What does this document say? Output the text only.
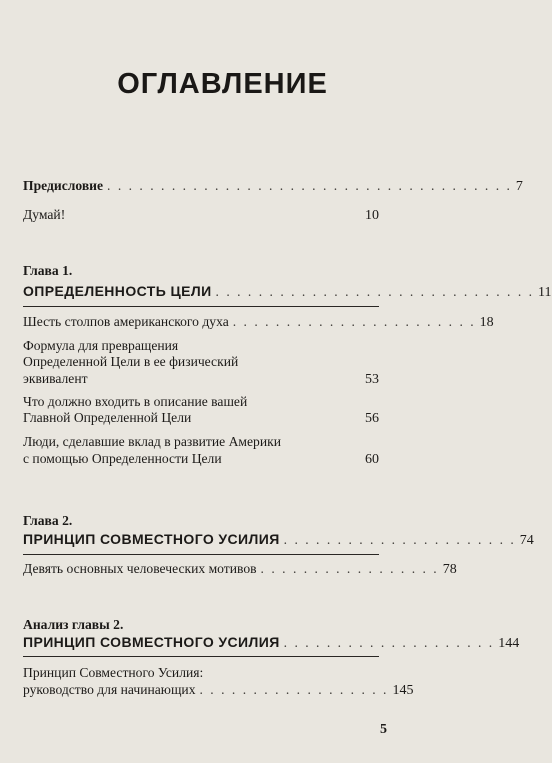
ОГЛАВЛЕНИЕ
Предисловие . . . . . . . . . . . . . . . . . . . . . . . . . . . . . . . . . . . . . . 7
Думай!	10
Глава 1.
ОПРЕДЕЛЕННОСТЬ ЦЕЛИ . . . . . . . . . . . . . . . . . . . . . . . . . . . . . . 11
Шесть столпов американского духа . . . . . . . . . . . . . . . . . . . . . . . 18
Формула для превращения
Определенной Цели в ее физический
эквивалент	53
Что должно входить в описание вашей
Главной Определенной Цели	56
Люди, сделавшие вклад в развитие Америки
с помощью Определенности Цели	60
Глава 2.
ПРИНЦИП СОВМЕСТНОГО УСИЛИЯ . . . . . . . . . . . . . . . . . . . . . . 74
Девять основных человеческих мотивов . . . . . . . . . . . . . . . . . 78
Анализ главы 2.
ПРИНЦИП СОВМЕСТНОГО УСИЛИЯ . . . . . . . . . . . . . . . . . . . . 144
Принцип Совместного Усилия:
руководство для начинающих . . . . . . . . . . . . . . . . . . 145
5
